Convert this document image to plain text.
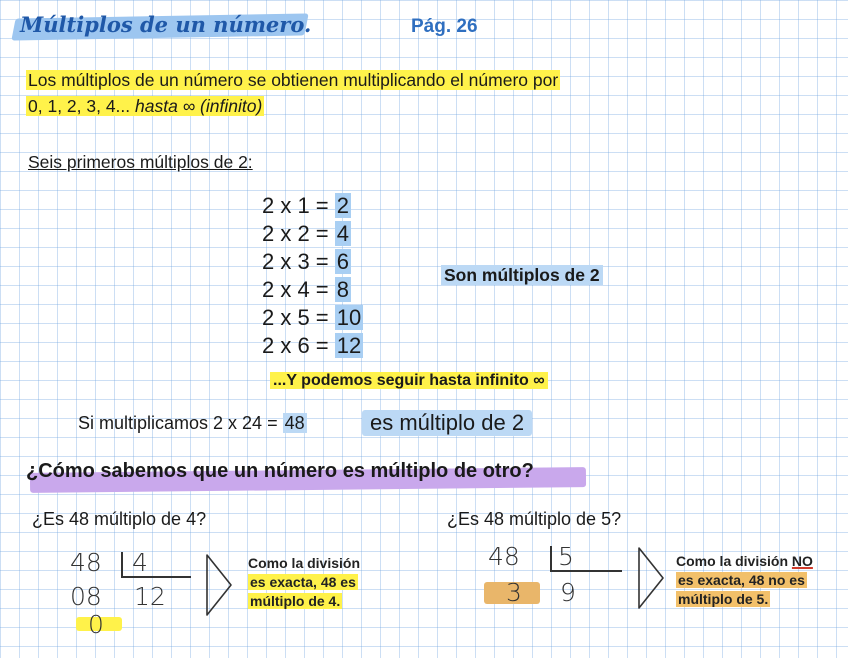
Múltiplos de un número.	Pág. 26
Los múltiplos de un número se obtienen multiplicando el número por
0, 1, 2, 3, 4... hasta ∞ (infinito)
Seis primeros múltiplos de 2:
2 x 1 = 2
2 x 2 = 4
2 x 3 = 6
2 x 4 = 8
2 x 5 = 10
2 x 6 = 12
Son múltiplos de 2
...Y podemos seguir hasta infinito ∞
Si multiplicamos 2 x 24 = 48	es múltiplo de 2
¿Cómo sabemos que un número es múltiplo de otro?
¿Es 48 múltiplo de 4?	¿Es 48 múltiplo de 5?
48 4
08 12
0
Como la división
es exacta, 48 es
múltiplo de 4.
48 5
3 9
Como la división NO
es exacta, 48 no es
múltiplo de 5.
